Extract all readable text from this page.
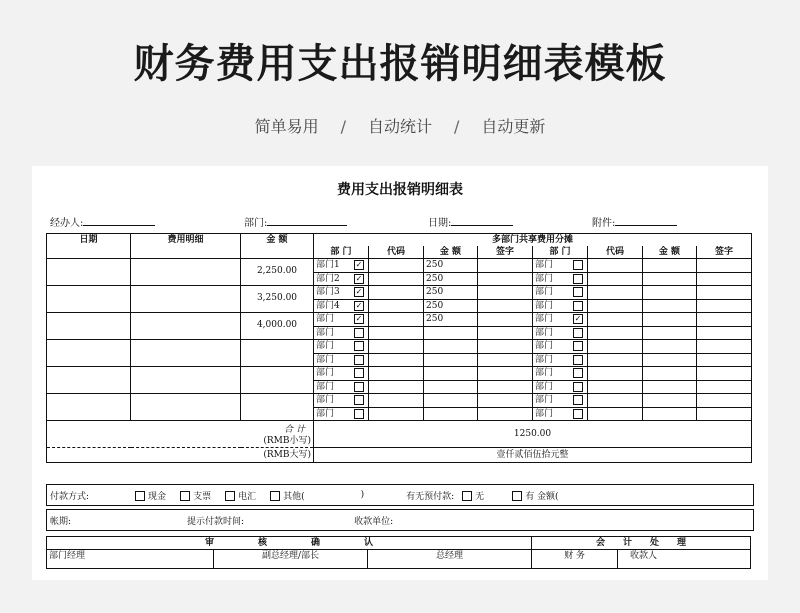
财务费用支出报销明细表模板
简单易用 / 自动统计 / 自动更新
费用支出报销明细表
经办人:	部门:	日期:	附件:
日期	费用明细	金 额	多部门共享费用分摊							
			部 门	代码	金 额	签字	部 门	代码	金 额	签字
		2,250.00	部门1 ✓		250		部门

			部门2 ✓		250		部门

		3,250.00	部门3 ✓		250		部门

			部门4 ✓		250		部门

		4,000.00	部门 ✓		250		部门 ✓			

			部门				部门

			部门				部门

			部门				部门

			部门				部门

			部门				部门

			部门				部门

			部门				部门

合 计
(RMB小写)			1250.00							
(RMB大写)			壹仟贰佰伍拾元整							
付款方式:	现金	支票	电汇	其他(	)	有无预付款:	无	有 金额(
帐期:	提示付款时间:	收款单位:
审 核 确 认			会 计 处 理	
部门经理	副总经理/部长	总经理	财 务	收款人
